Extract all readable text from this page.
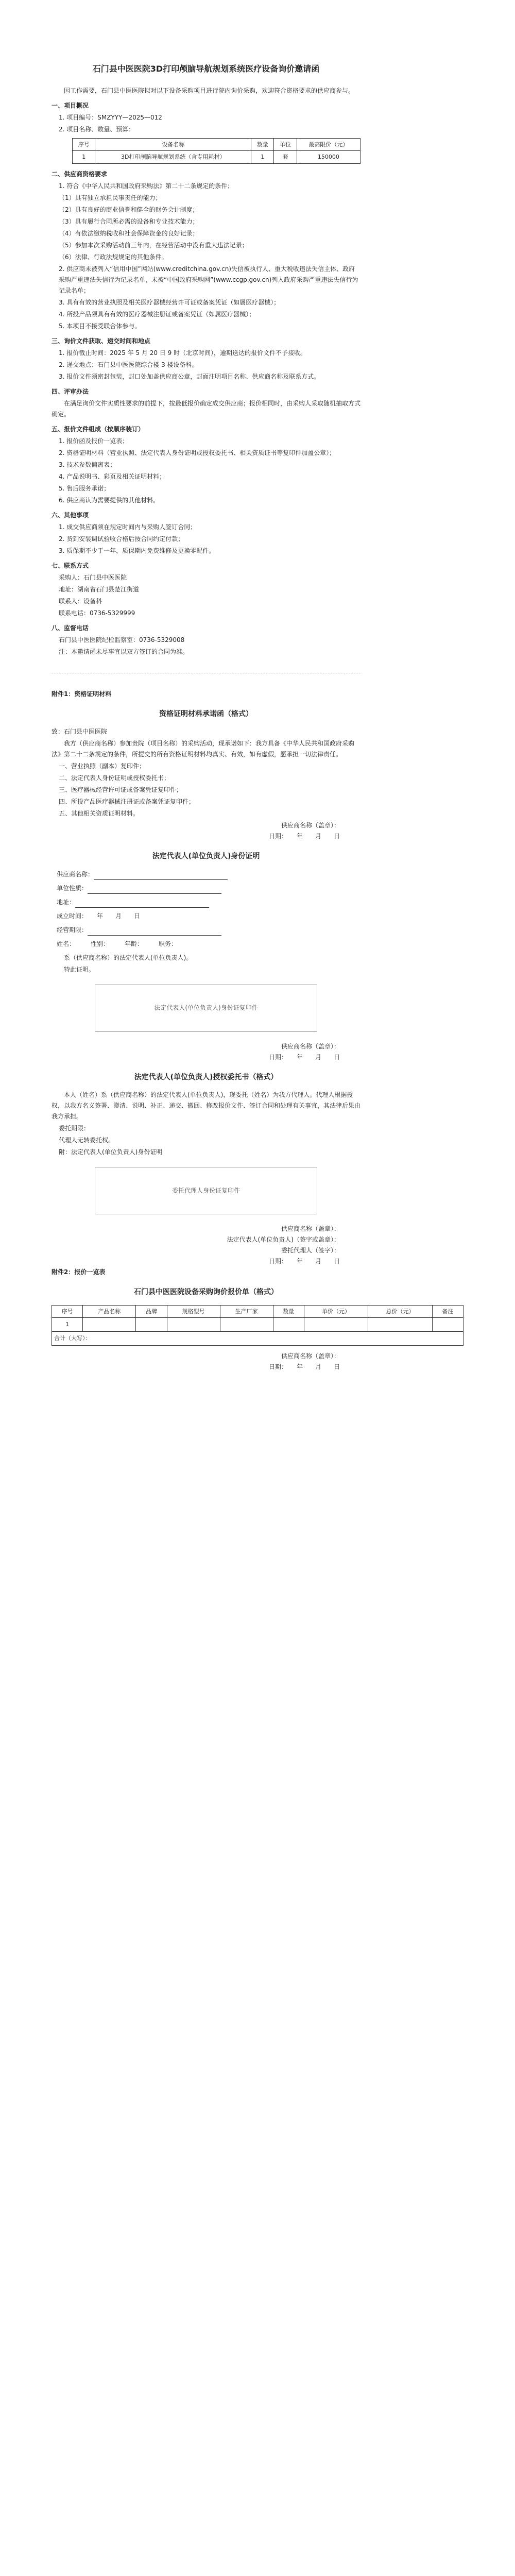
石门县中医医院3D打印颅脑导航规划系统医疗设备询价邀请函
因工作需要，石门县中医医院拟对以下设备采购项目进行院内询价采购，欢迎符合资格要求的供应商参与。
一、项目概况
1. 项目编号：SMZYYY—2025—012
2. 项目名称、数量、预算：
序号	设备名称	数量	单位	最高限价（元）
1	3D打印颅脑导航规划系统（含专用耗材）	1	套	150000
二、供应商资格要求
1. 符合《中华人民共和国政府采购法》第二十二条规定的条件；
（1）具有独立承担民事责任的能力；
（2）具有良好的商业信誉和健全的财务会计制度；
（3）具有履行合同所必需的设备和专业技术能力；
（4）有依法缴纳税收和社会保障资金的良好记录；
（5）参加本次采购活动前三年内，在经营活动中没有重大违法记录；
（6）法律、行政法规规定的其他条件。
2. 供应商未被列入“信用中国”网站(www.creditchina.gov.cn)失信被执行人、重大税收违法失信主体、政府采购严重违法失信行为记录名单，未被“中国政府采购网”(www.ccgp.gov.cn)列入政府采购严重违法失信行为记录名单；
3. 具有有效的营业执照及相关医疗器械经营许可证或备案凭证（如属医疗器械）；
4. 所投产品须具有有效的医疗器械注册证或备案凭证（如属医疗器械）；
5. 本项目不接受联合体参与。
三、询价文件获取、递交时间和地点
1. 报价截止时间：2025 年 5 月 20 日 9 时（北京时间），逾期送达的报价文件不予接收。
2. 递交地点：石门县中医医院综合楼 3 楼设备科。
3. 报价文件须密封包装，封口处加盖供应商公章，封面注明项目名称、供应商名称及联系方式。
四、评审办法
在满足询价文件实质性要求的前提下，按最低报价确定成交供应商；报价相同时，由采购人采取随机抽取方式确定。
五、报价文件组成（按顺序装订）
1. 报价函及报价一览表；
2. 资格证明材料（营业执照、法定代表人身份证明或授权委托书、相关资质证书等复印件加盖公章）；
3. 技术参数偏离表；
4. 产品说明书、彩页及相关证明材料；
5. 售后服务承诺；
6. 供应商认为需要提供的其他材料。
六、其他事项
1. 成交供应商须在规定时间内与采购人签订合同；
2. 货到安装调试验收合格后按合同约定付款；
3. 质保期不少于一年，质保期内免费维修及更换零配件。
七、联系方式
采购人：石门县中医医院
地址：湖南省石门县楚江街道
联系人：设备科
联系电话：0736-5329999
八、监督电话
石门县中医医院纪检监察室：0736-5329008
注：本邀请函未尽事宜以双方签订的合同为准。
附件1：资格证明材料
资格证明材料承诺函（格式）
致：石门县中医医院
我方（供应商名称）参加贵院（项目名称）的采购活动，现承诺如下：我方具备《中华人民共和国政府采购法》第二十二条规定的条件，所提交的所有资格证明材料均真实、有效，如有虚假，愿承担一切法律责任。
一、营业执照（副本）复印件；
二、法定代表人身份证明或授权委托书；
三、医疗器械经营许可证或备案凭证复印件；
四、所投产品医疗器械注册证或备案凭证复印件；
五、其他相关资质证明材料。
供应商名称（盖章）：
日期：　　年　　月　　日
法定代表人(单位负责人)身份证明
供应商名称：
单位性质：
地址：
成立时间：　　年　　月　　日
经营期限：
姓名：　　　性别：　　　年龄：　　　职务：
系（供应商名称）的法定代表人(单位负责人)。
特此证明。
法定代表人(单位负责人)身份证复印件
供应商名称（盖章）：
日期：　　年　　月　　日
法定代表人(单位负责人)授权委托书（格式）
本人（姓名）系（供应商名称）的法定代表人(单位负责人)，现委托（姓名）为我方代理人。代理人根据授权，以我方名义签署、澄清、说明、补正、递交、撤回、修改报价文件、签订合同和处理有关事宜，其法律后果由我方承担。
委托期限：
代理人无转委托权。
附：法定代表人(单位负责人)身份证明
委托代理人身份证复印件
供应商名称（盖章）：
法定代表人(单位负责人)（签字或盖章）：
委托代理人（签字）：
日期：　　年　　月　　日
附件2：报价一览表
石门县中医医院设备采购询价报价单（格式）
序号	产品名称	品牌	规格型号	生产厂家	数量	单价（元）	总价（元）	备注
1								
合计（大写）：								
供应商名称（盖章）：
日期：　　年　　月　　日
